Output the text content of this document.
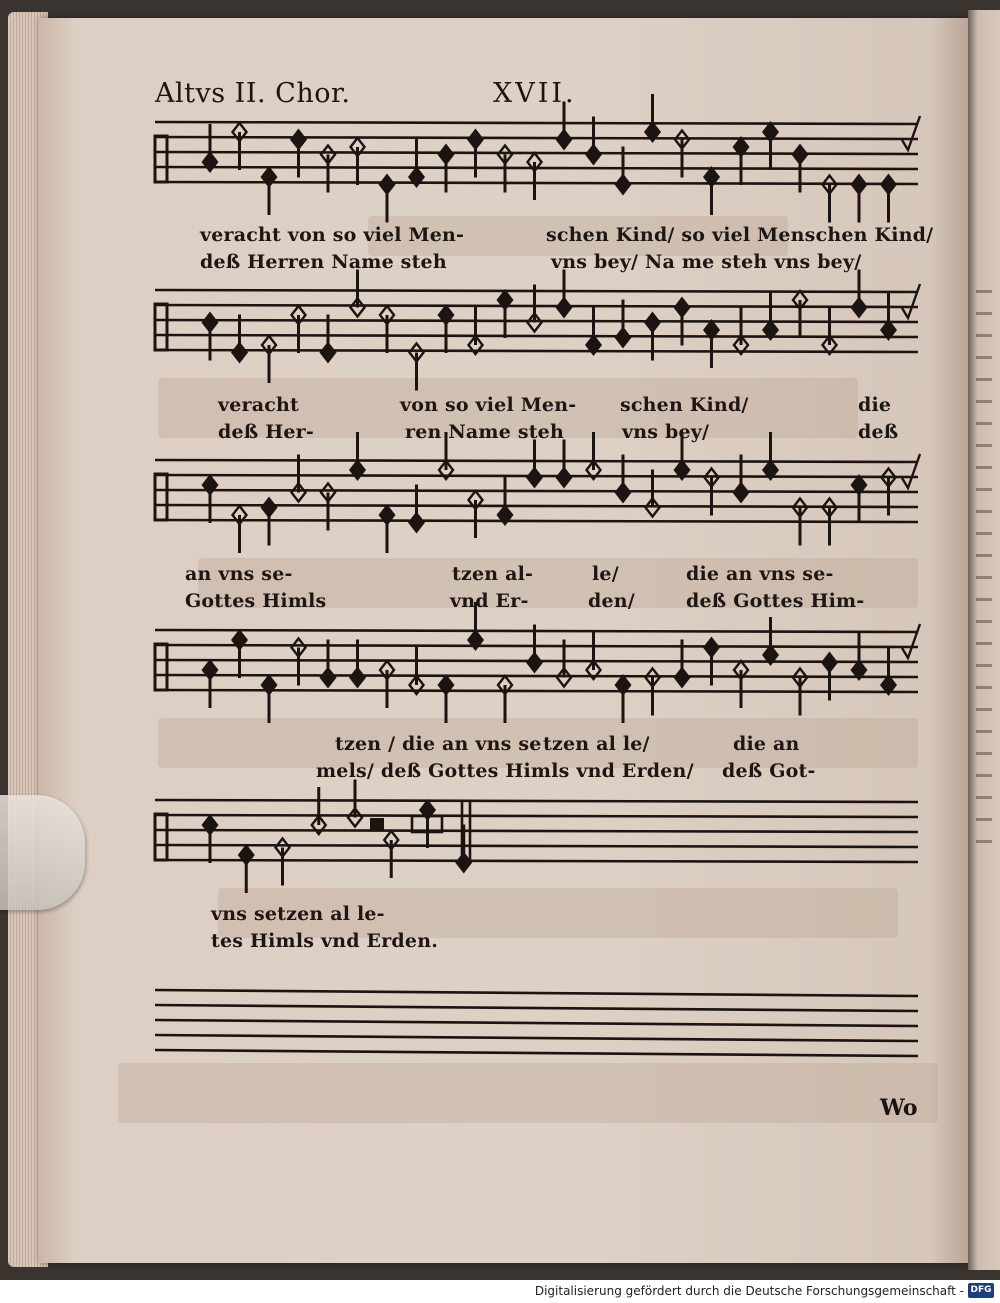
Altvs II. Chor.	XVII.
veracht von so viel Men-
deß Herren Name steh
schen Kind/ so viel Menschen Kind/
vns bey/ Na me steh vns bey/
veracht
deß Her-
von so viel Men-
ren Name steh
schen Kind/
vns bey/
die
deß
an vns se-
Gottes Himls
tzen al-
vnd Er-
le/
den/
die an vns se-
deß Gottes Him-
tzen / die an vns se
mels/ deß Gottes Himls vnd Erden/
tzen al le/	die an
deß Got-
vns setzen al le-
tes Himls vnd Erden.
Wo
Digitalisierung gefördert durch die Deutsche Forschungsgemeinschaft - DFG
